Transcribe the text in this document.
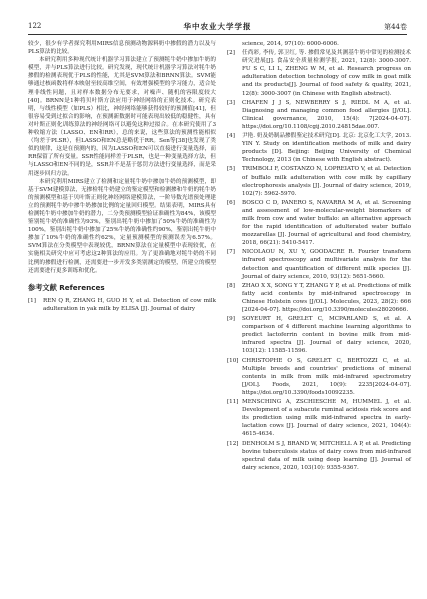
122	华中农业大学学报	第44卷

较少，很少有学者探究利用MIRS信息预测动物源料奶中掺假的潜力以及与PLS算法的比较。

本研究利用多种现代统计机器学习算法建立了预测牦牛奶中掺加牛奶的模型，并与PLS算法进行比较。研究发现，现代统计机器学习算法对牦牛奶掺假的检测表现优于PLS的性能，尤其是SVM算法和BRNN算法。SVM能够通过核函数将样本映射至较高维空间，有效增强模型的学习能力，适合处理非线性问题，且对样本数据分布无要求，对噪声、随机的容限度较大[40]。BRNN是1种将贝叶斯方法应用于神经网络的正则化技术。研究表明，与线性模型（如PLS）相比，神经网络能够获得较好的预测值[41]，但很容易受到过拟合的影响，在预测新数据时可能表现出较低的稳健性，具有对叶斯正则化训练算法的神经网络可以避免这种过拟合。在本研究使用了3种收缩方法（LASSO、EN和RR），总的来说，这些算法的预测性能相似（均差于PLSR），但LASSO和EN总是略优于RR。Sen等[38]也发现了类似的规律，这是在预测内的，因为LASSO和EN可以直接进行变量选择，而RR保留了所有变量。SSR性能同样差于PLSR，也是一种变量选择方法，但与LASSO和EN不同的是，SSR并不是基于惩罚方法进行变量选择，而是采用逐步回归方法。

本研究利用MIRS建立了检测和定量牦牛奶中掺加牛奶的预测模型，即基于SVM建模算法，无掺检牦牛奶建立的鉴定模型和检测掺和牛奶的牦牛奶的预测模型和基于贝叶斯正则化神经网络建模算法，一阶导数光谱预处理建立的预测牦牛奶中掺牛奶掺加比例的定量回归模型。结果表明，MIRS具有检测牦牛奶中掺加牛奶的潜力，二分类预测模型验证准确性为84%，该模型鉴别牦牛奶的准确性为93%，鉴别出牦牛奶中掺加了50%牛奶的准确性为100%，鉴别出牦牛奶中掺加了25%牛奶的准确性约90%，鉴别出牦牛奶中掺加了10%牛奶的准确性约62%，定量预测模型的预测误差为6.57%。SVM算法在分类模型中表现较优，BRNN算法在定量模型中表现较优，在实施相关研究中应可考虑这2种算法的应用。为了更准确地对牦牛奶的不同比例的掺假进行检测，还需要进一步开发多类别测定的模型，所建立的模型还需要进行更多训练和优化。

参考文献 References
[1] REN Q R, ZHANG H, GUO H Y, et al. Detection of cow milk adulteration in yak milk by ELISA [J]. Journal of dairy
science, 2014, 97(10): 6000-6006.
[2] 任尚彩, 李传, 郭卫红, 等. 掺假常见及其测基牛奶中常见的检测技术研究进展[J]. 食品安全质量检测学报, 2021, 12(8): 3000-3007. FU S C, LI L, ZHENG W M, et al. Research progress on adulteration detection technology of cow milk in goat milk and its products[J]. Journal of food safety & quality, 2021, 12(8): 3000-3007 (in Chinese with English abstract).
[3] CHAFEN J J S, NEWBERRY S J, RIEDL M A, et al. Diagnosing and managing common food allergies [J/OL]. Clinical governance, 2010, 15(4): 7[2024-04-07]. https://doi.org/10.1108/cgij.2010.24815dae.007.
[4] 尹艳. 奶及奶制品掺假鉴定技术研究[D]. 北京: 北京化工大学, 2013. YIN Y. Study on identification methods of milk and dairy products [D]. Beijing: Beijing University of Chemical Technology, 2013 (in Chinese with English abstract).
[5] TRIMBOLI F, COSTANZO N, LOPREIATO V, et al. Detection of buffalo milk adulteration with cow milk by capillary electrophoresis analysis [J]. Journal of dairy science, 2019, 102(7): 5962-5970.
[6] BOSCO C D, PANERO S, NAVARRA M A, et al. Screening and assessment of low-molecular-weight biomarkers of milk from cow and water buffalo: an alternative approach for the rapid identification of adulterated water buffalo mozzarellas [J]. Journal of agricultural and food chemistry, 2018, 66(21): 5410-5417.
[7] NICOLAOU N, XU Y, GOODACRE R. Fourier transform infrared spectroscopy and multivariate analysis for the detection and quantification of different milk species [J]. Journal of dairy science, 2010, 93(12): 5651-5660.
[8] ZHAO X X, SONG Y T, ZHANG Y P, et al. Predictions of milk fatty acid contents by mid-infrared spectroscopy in Chinese Holstein cows [J/OL]. Molecules, 2023, 28(2): 666 [2024-04-07]. https://doi.org/10.3390/molecules28020666.
[9] SOYEURT H, GRELET C, MCPARLAND S, et al. A comparison of 4 different machine learning algorithms to predict lactoferrin content in bovine milk from mid-infrared spectra [J]. Journal of dairy science, 2020, 103(12): 11585-11596.
[10] CHRISTOPHE O S, GRELET C, BERTOZZI C, et al. Multiple breeds and countries' predictions of mineral contents in milk from milk mid-infrared spectrometry [J/OL]. Foods, 2021, 10(9): 2235[2024-04-07]. https://doi.org/10.3390/foods10092235.
[11] MENSCHING A, ZSCHIESCHE M, HUMMEL J, et al. Development of a subacute ruminal acidosis risk score and its prediction using milk mid-infrared spectra in early-lactation cows [J]. Journal of dairy science, 2021, 104(4): 4615-4634.
[12] DENHOLM S J, BRAND W, MITCHELL A P, et al. Predicting bovine tuberculosis status of dairy cows from mid-infrared spectral data of milk using deep learning [J]. Journal of dairy science, 2020, 103(10): 9355-9367.
